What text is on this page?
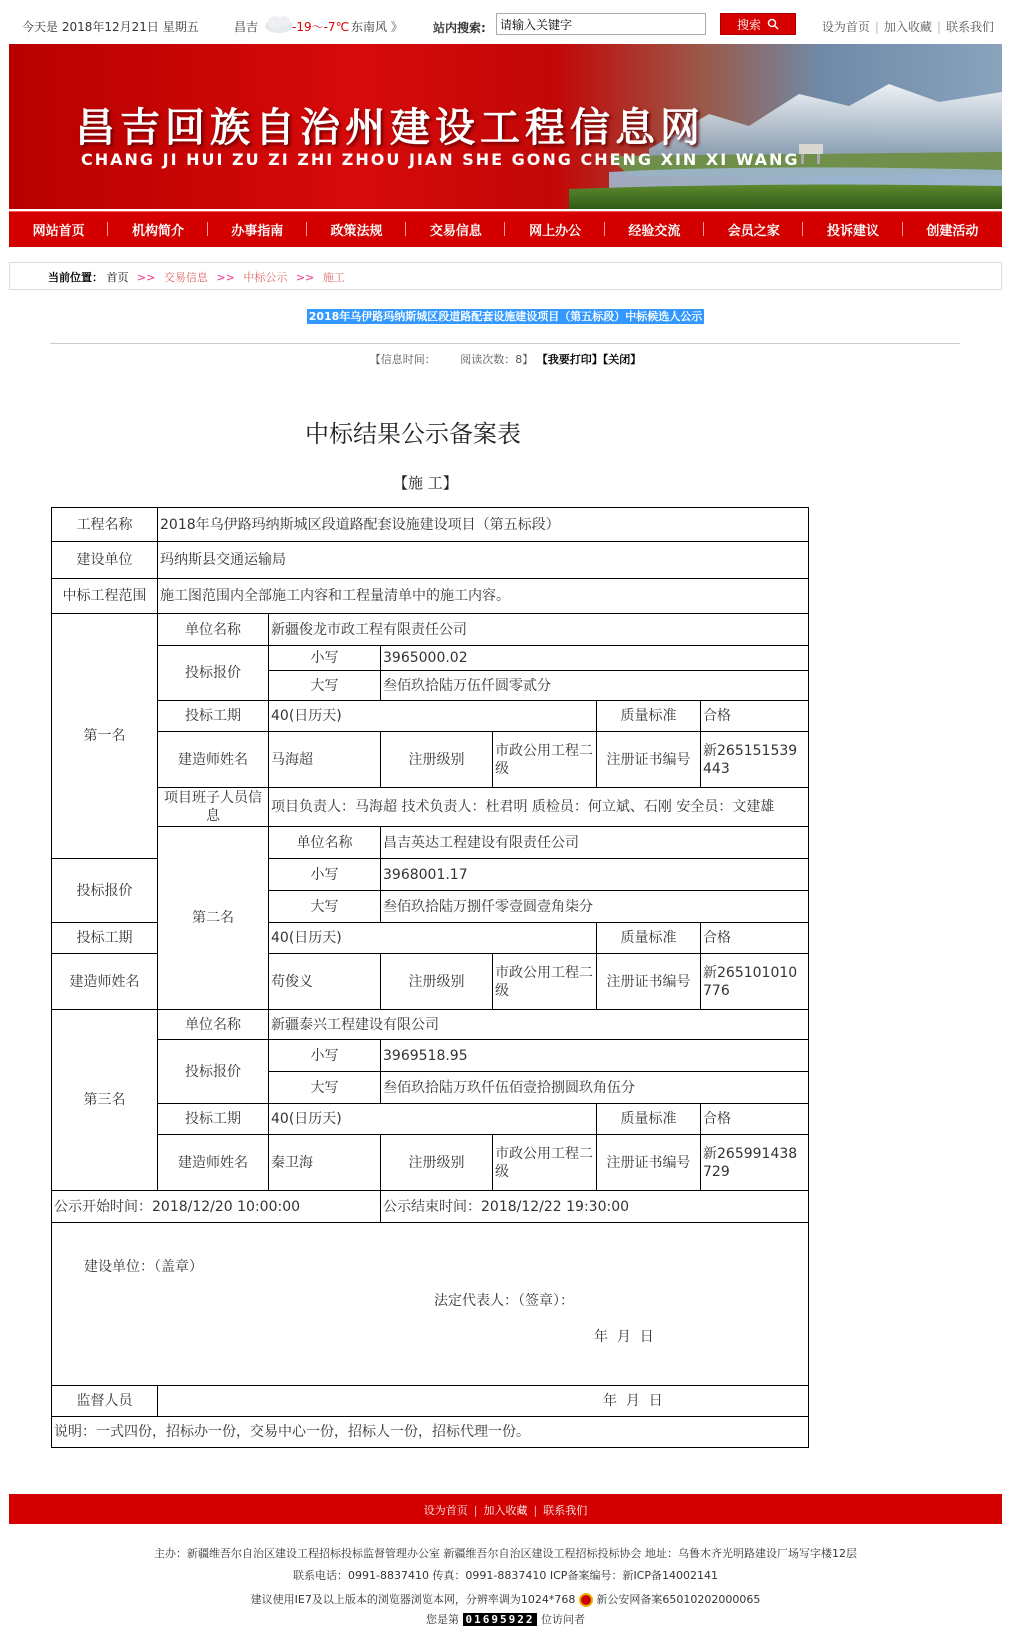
今天是 2018年12月21日 星期五	昌吉	-19～-7℃ 东南风 》	站内搜索:
请输入关键字	搜索	设为首页 | 加入收藏 | 联系我们
昌吉回族自治州建设工程信息网
CHANG JI HUI ZU ZI ZHI ZHOU JIAN SHE GONG CHENG XIN XI WANG
网站首页	机构简介	办事指南	政策法规	交易信息	网上办公	经验交流	会员之家	投诉建议	创建活动
当前位置： 首页 >> 交易信息 >> 中标公示 >> 施工
2018年乌伊路玛纳斯城区段道路配套设施建设项目（第五标段）中标候选人公示
【信息时间： 阅读次数：8】 【我要打印】【关闭】
中标结果公示备案表
【施 工】
工程名称	2018年乌伊路玛纳斯城区段道路配套设施建设项目（第五标段）					
建设单位	玛纳斯县交通运输局					
中标工程范围	施工图范围内全部施工内容和工程量清单中的施工内容。					
第一名	单位名称	新疆俊龙市政工程有限责任公司				
	投标报价	小写	3965000.02			
		大写	叁佰玖拾陆万伍仟圆零贰分			
	投标工期	40(日历天)			质量标准	合格
	建造师姓名	马海超	注册级别	市政公用工程二级	注册证书编号	新265151539443
	项目班子人员信息	项目负责人：马海超 技术负责人：杜君明 质检员：何立斌、石刚 安全员：文建雄				
	第二名	单位名称	昌吉英达工程建设有限责任公司			
投标报价		小写	3968001.17			
		大写	叁佰玖拾陆万捌仟零壹圆壹角柒分			
投标工期		40(日历天)			质量标准	合格
建造师姓名		苟俊义	注册级别	市政公用工程二级	注册证书编号	新265101010776
第三名	单位名称	新疆泰兴工程建设有限公司				
	投标报价	小写	3969518.95			
		大写	叁佰玖拾陆万玖仟伍佰壹拾捌圆玖角伍分			
	投标工期	40(日历天)			质量标准	合格
	建造师姓名	秦卫海	注册级别	市政公用工程二级	注册证书编号	新265991438729
公示开始时间：2018/12/20 10:00:00			公示结束时间：2018/12/22 19:30:00			

建设单位：（盖章）
法定代表人：（签章）：
年  月  日						

监督人员	年  月  日					
说明：一式四份，招标办一份，交易中心一份，招标人一份，招标代理一份。						
设为首页 | 加入收藏 | 联系我们
主办：新疆维吾尔自治区建设工程招标投标监督管理办公室 新疆维吾尔自治区建设工程招标投标协会 地址：乌鲁木齐光明路建设厂场写字楼12层
联系电话：0991-8837410 传真：0991-8837410 ICP备案编号：新ICP备14002141
建议使用IE7及以上版本的浏览器浏览本网，分辨率调为1024*768 新公安网备案65010202000065
您是第 01695922 位访问者
